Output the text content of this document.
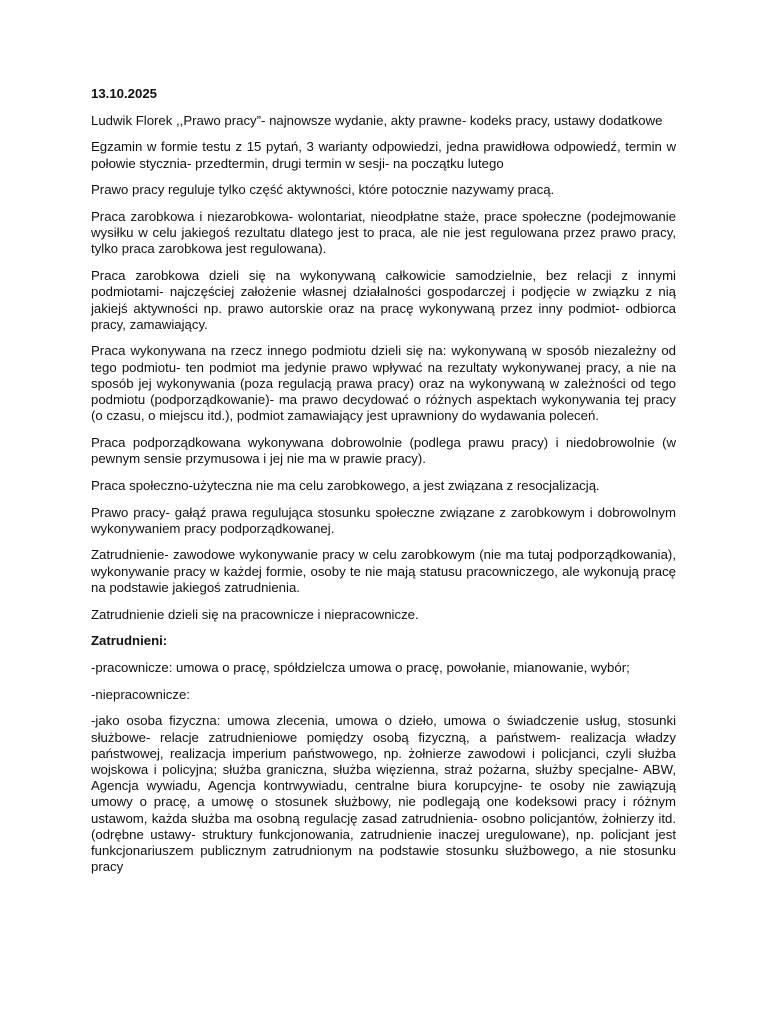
13.10.2025

Ludwik Florek ,,Prawo pracy”- najnowsze wydanie, akty prawne- kodeks pracy, ustawy dodatkowe

Egzamin w formie testu z 15 pytań, 3 warianty odpowiedzi, jedna prawidłowa odpowiedź, termin w połowie stycznia- przedtermin, drugi termin w sesji- na początku lutego

Prawo pracy reguluje tylko część aktywności, które potocznie nazywamy pracą.

Praca zarobkowa i niezarobkowa- wolontariat, nieodpłatne staże, prace społeczne (podejmowanie wysiłku w celu jakiegoś rezultatu dlatego jest to praca, ale nie jest regulowana przez prawo pracy, tylko praca zarobkowa jest regulowana).

Praca zarobkowa dzieli się na wykonywaną całkowicie samodzielnie, bez relacji z innymi podmiotami- najczęściej założenie własnej działalności gospodarczej i podjęcie w związku z nią jakiejś aktywności np. prawo autorskie oraz na pracę wykonywaną przez inny podmiot- odbiorca pracy, zamawiający.

Praca wykonywana na rzecz innego podmiotu dzieli się na: wykonywaną w sposób niezależny od tego podmiotu- ten podmiot ma jedynie prawo wpływać na rezultaty wykonywanej pracy, a nie na sposób jej wykonywania (poza regulacją prawa pracy) oraz na wykonywaną w zależności od tego podmiotu (podporządkowanie)- ma prawo decydować o różnych aspektach wykonywania tej pracy (o czasu, o miejscu itd.), podmiot zamawiający jest uprawniony do wydawania poleceń.

Praca podporządkowana wykonywana dobrowolnie (podlega prawu pracy) i niedobrowolnie (w pewnym sensie przymusowa i jej nie ma w prawie pracy).

Praca społeczno-użyteczna nie ma celu zarobkowego, a jest związana z resocjalizacją.

Prawo pracy- gałąź prawa regulująca stosunku społeczne związane z zarobkowym i dobrowolnym wykonywaniem pracy podporządkowanej.

Zatrudnienie- zawodowe wykonywanie pracy w celu zarobkowym (nie ma tutaj podporządkowania), wykonywanie pracy w każdej formie, osoby te nie mają statusu pracowniczego, ale wykonują pracę na podstawie jakiegoś zatrudnienia.

Zatrudnienie dzieli się na pracownicze i niepracownicze.

Zatrudnieni:

-pracownicze: umowa o pracę, spółdzielcza umowa o pracę, powołanie, mianowanie, wybór;

-niepracownicze:

-jako osoba fizyczna: umowa zlecenia, umowa o dzieło, umowa o świadczenie usług, stosunki służbowe- relacje zatrudnieniowe pomiędzy osobą fizyczną, a państwem- realizacja władzy państwowej, realizacja imperium państwowego, np. żołnierze zawodowi i policjanci, czyli służba wojskowa i policyjna; służba graniczna, służba więzienna, straż pożarna, służby specjalne- ABW, Agencja wywiadu, Agencja kontrwywiadu, centralne biura korupcyjne- te osoby nie zawiązują umowy o pracę, a umowę o stosunek służbowy, nie podlegają one kodeksowi pracy i różnym ustawom, każda służba ma osobną regulację zasad zatrudnienia- osobno policjantów, żołnierzy itd. (odrębne ustawy- struktury funkcjonowania, zatrudnienie inaczej uregulowane), np. policjant jest funkcjonariuszem publicznym zatrudnionym na podstawie stosunku służbowego, a nie stosunku pracy
